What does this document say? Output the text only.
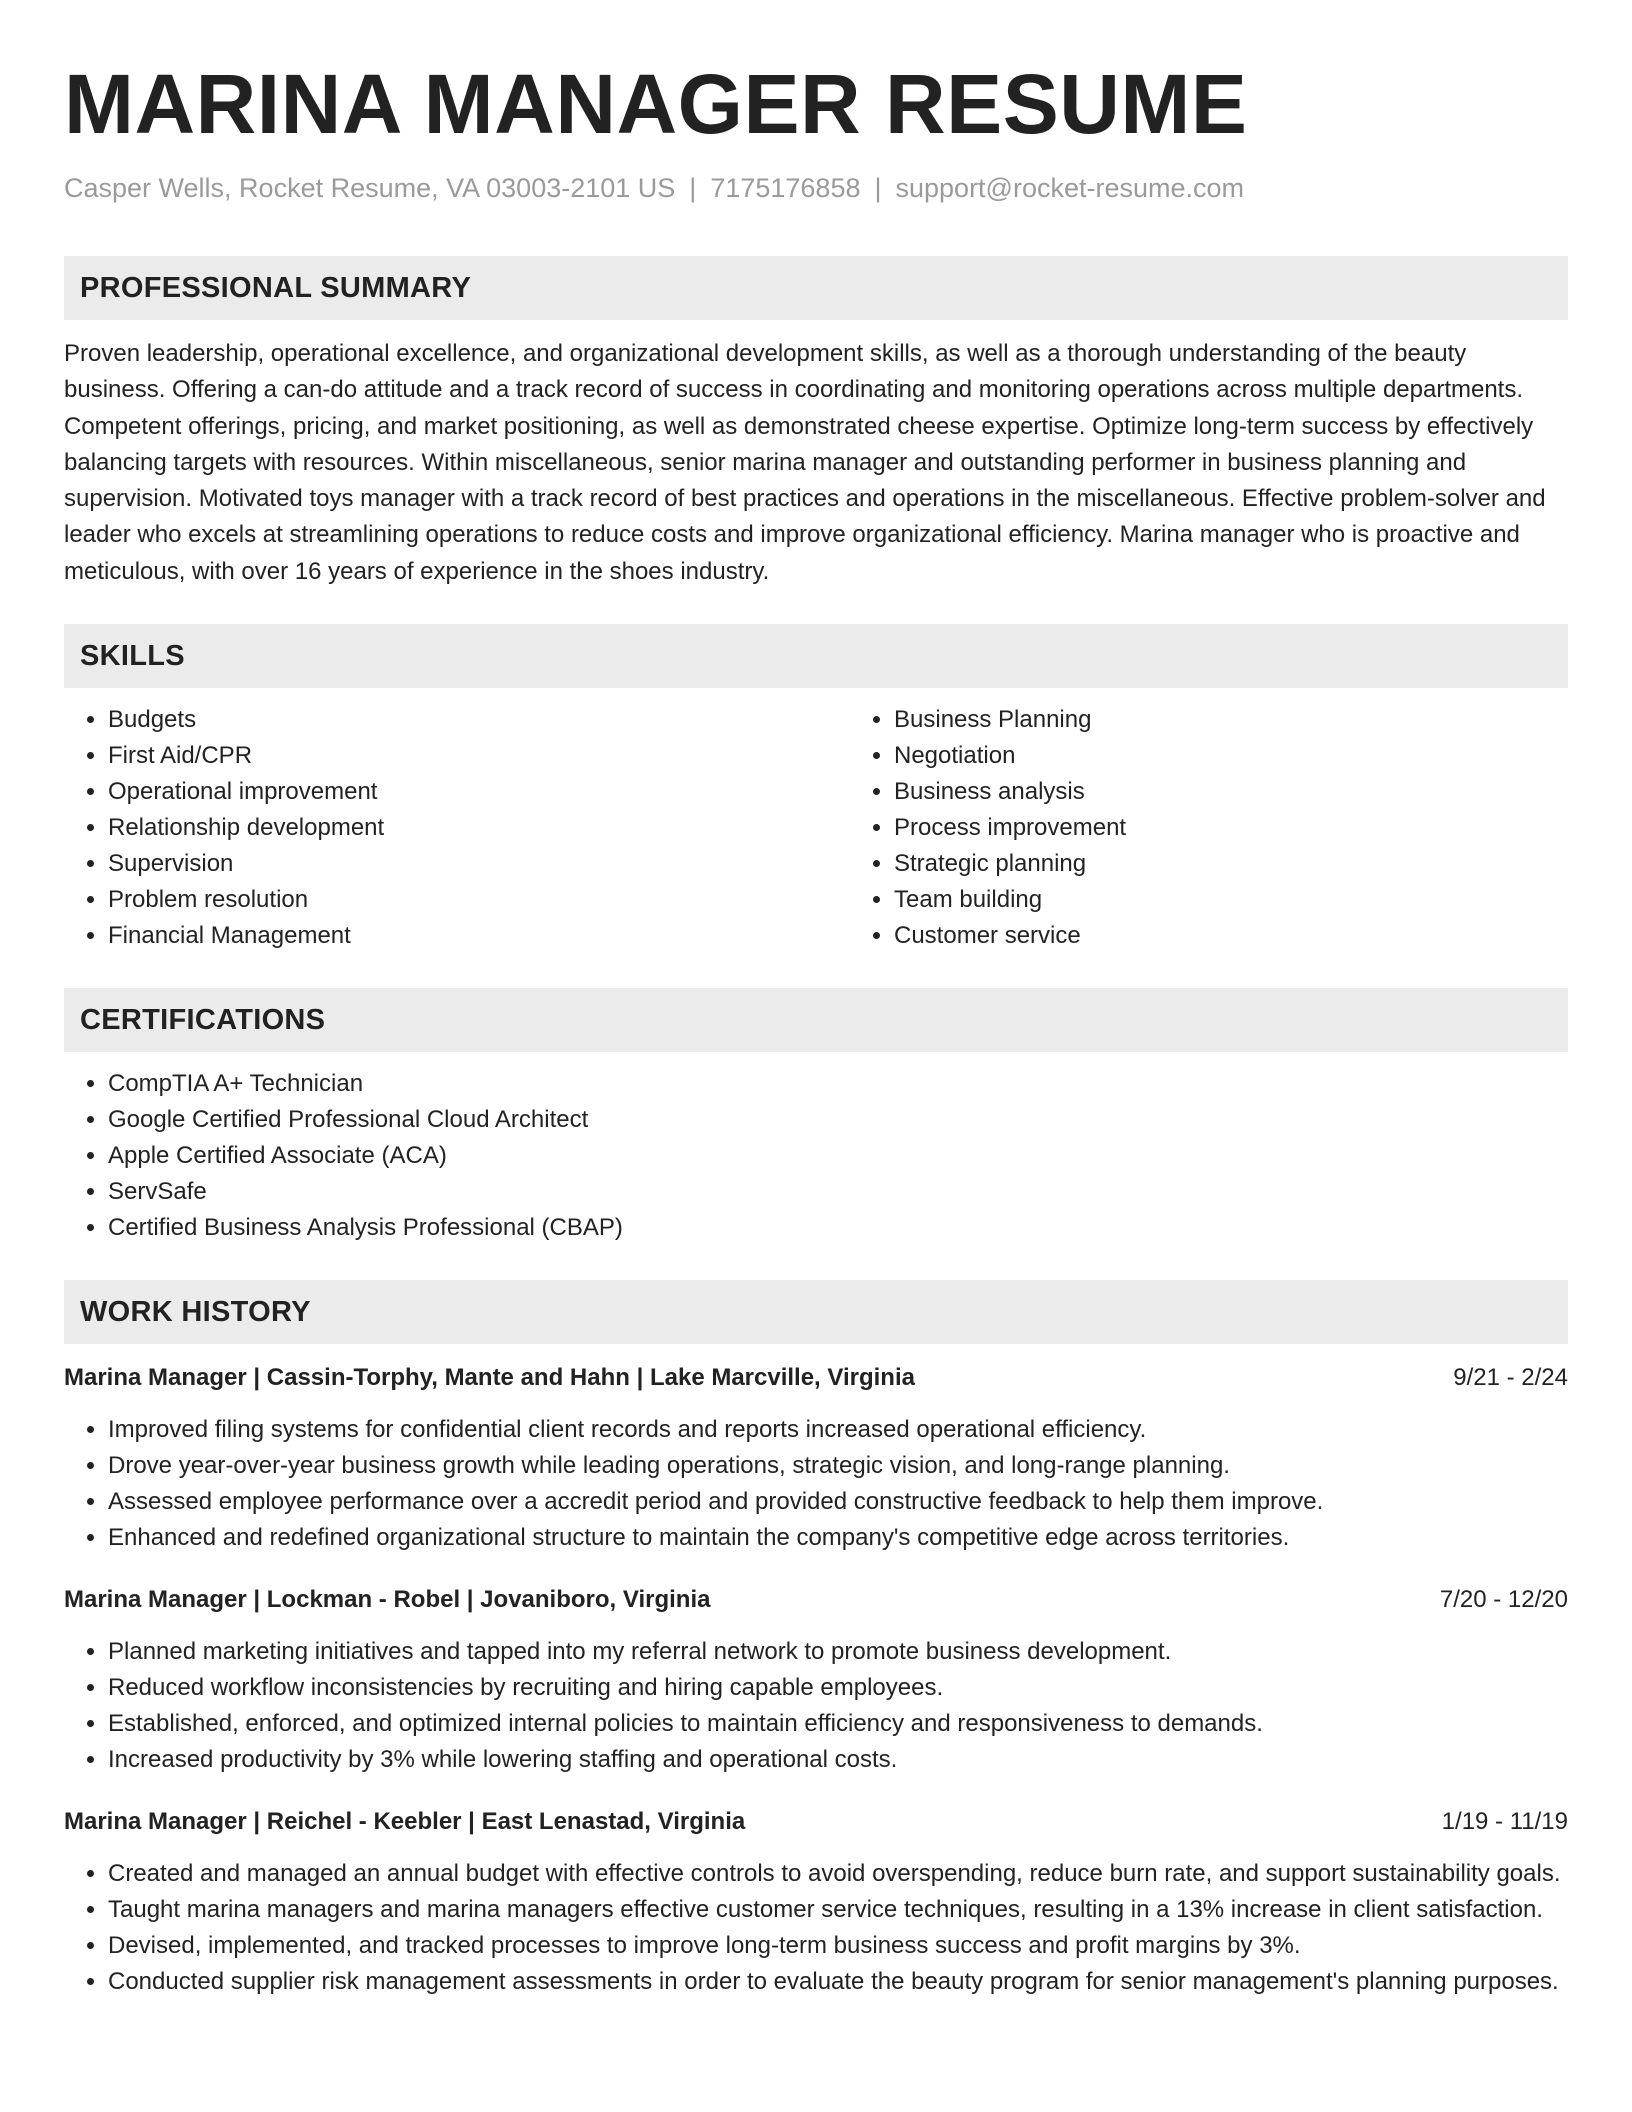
MARINA MANAGER RESUME
Casper Wells, Rocket Resume, VA 03003-2101 US | 7175176858 | support@rocket-resume.com
PROFESSIONAL SUMMARY

Proven leadership, operational excellence, and organizational development skills, as well as a thorough understanding of the beauty business. Offering a can-do attitude and a track record of success in coordinating and monitoring operations across multiple departments. Competent offerings, pricing, and market positioning, as well as demonstrated cheese expertise. Optimize long-term success by effectively balancing targets with resources. Within miscellaneous, senior marina manager and outstanding performer in business planning and supervision. Motivated toys manager with a track record of best practices and operations in the miscellaneous. Effective problem-solver and leader who excels at streamlining operations to reduce costs and improve organizational efficiency. Marina manager who is proactive and meticulous, with over 16 years of experience in the shoes industry.

SKILLS
• Budgets
• First Aid/CPR
• Operational improvement
• Relationship development
• Supervision
• Problem resolution
• Financial Management
• Business Planning
• Negotiation
• Business analysis
• Process improvement
• Strategic planning
• Team building
• Customer service
CERTIFICATIONS
• CompTIA A+ Technician
• Google Certified Professional Cloud Architect
• Apple Certified Associate (ACA)
• ServSafe
• Certified Business Analysis Professional (CBAP)
WORK HISTORY
Marina Manager | Cassin-Torphy, Mante and Hahn | Lake Marcville, Virginia	9/21 - 2/24
• Improved filing systems for confidential client records and reports increased operational efficiency.
• Drove year-over-year business growth while leading operations, strategic vision, and long-range planning.
• Assessed employee performance over a accredit period and provided constructive feedback to help them improve.
• Enhanced and redefined organizational structure to maintain the company's competitive edge across territories.
Marina Manager | Lockman - Robel | Jovaniboro, Virginia	7/20 - 12/20
• Planned marketing initiatives and tapped into my referral network to promote business development.
• Reduced workflow inconsistencies by recruiting and hiring capable employees.
• Established, enforced, and optimized internal policies to maintain efficiency and responsiveness to demands.
• Increased productivity by 3% while lowering staffing and operational costs.
Marina Manager | Reichel - Keebler | East Lenastad, Virginia	1/19 - 11/19
• Created and managed an annual budget with effective controls to avoid overspending, reduce burn rate, and support sustainability goals.
• Taught marina managers and marina managers effective customer service techniques, resulting in a 13% increase in client satisfaction.
• Devised, implemented, and tracked processes to improve long-term business success and profit margins by 3%.
• Conducted supplier risk management assessments in order to evaluate the beauty program for senior management's planning purposes.
